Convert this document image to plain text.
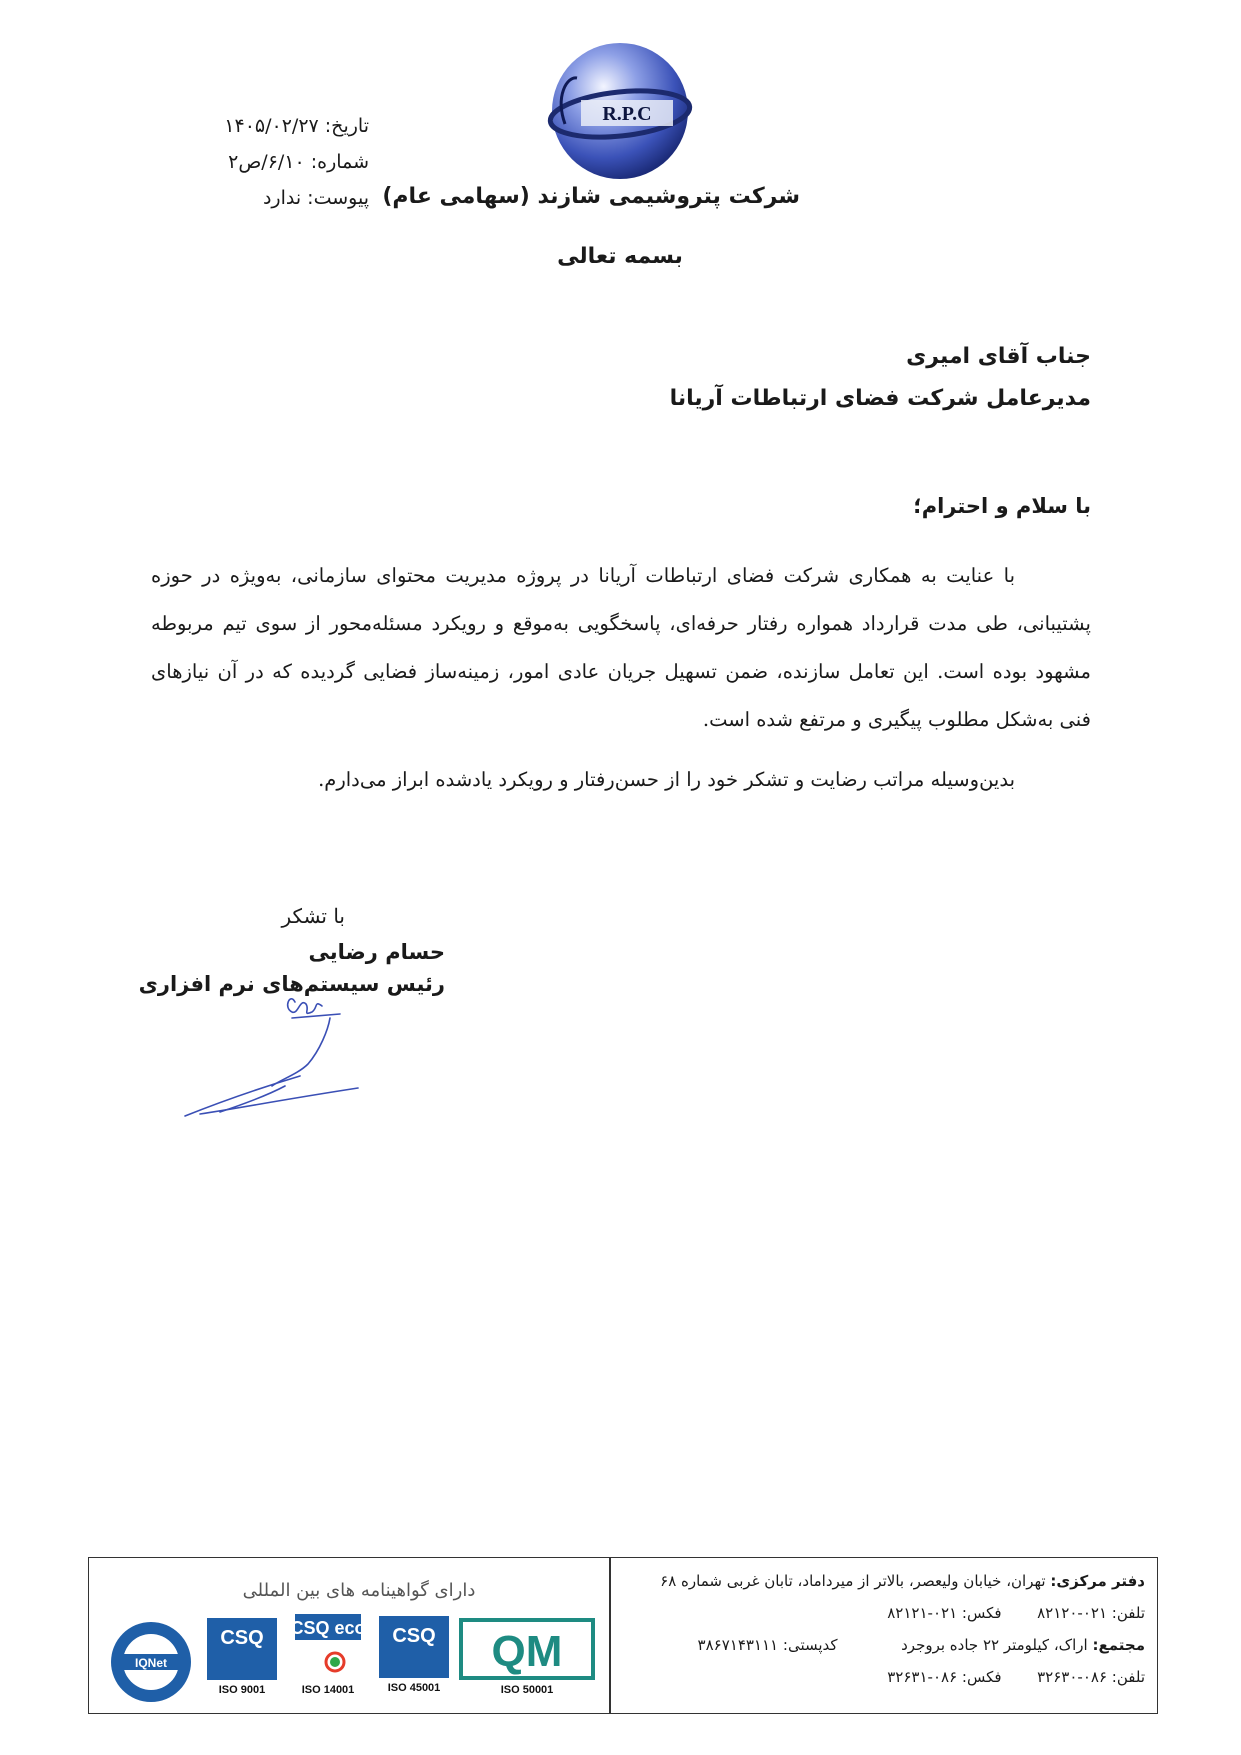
تاریخ: ۱۴۰۵/۰۲/۲۷
شماره: ۶/۱۰/ص۲
پیوست: ندارد
R.P.C
شرکت پتروشیمی شازند (سهامی عام)
بسمه تعالی
جناب آقای امیری
مدیرعامل شرکت فضای ارتباطات آریانا
با سلام و احترام؛
با عنایت به همکاری شرکت فضای ارتباطات آریانا در پروژه مدیریت محتوای سازمانی، به‌ویژه در حوزه
پشتیبانی، طی مدت قرارداد همواره رفتار حرفه‌ای، پاسخگویی به‌موقع و رویکرد مسئله‌محور از سوی تیم مربوطه
مشهود بوده است. این تعامل سازنده، ضمن تسهیل جریان عادی امور، زمینه‌ساز فضایی گردیده که در آن نیازهای
فنی به‌شکل مطلوب پیگیری و مرتفع شده است.
بدین‌وسیله مراتب رضایت و تشکر خود را از حسن‌رفتار و رویکرد یادشده ابراز می‌دارم.
با تشکر
حسام رضایی
رئیس سیستم‌های نرم افزاری
دفتر مرکزی: تهران، خیابان ولیعصر، بالاتر از میرداماد، تابان غربی شماره ۶۸
تلفن: ۰۲۱-۸۲۱۲۰  فکس: ۰۲۱-۸۲۱۲۱
مجتمع: اراک، کیلومتر ۲۲ جاده بروجرد  کدپستی: ۳۸۶۷۱۴۳۱۱۱
تلفن: ۰۸۶-۳۲۶۳۰  فکس: ۰۸۶-۳۲۶۳۱
دارای گواهینامه های بین المللی
IQNet
CSQ
ISO 9001
CSQ eco
ISO 14001
CSQ
ISO 45001
QM
ISO 50001
